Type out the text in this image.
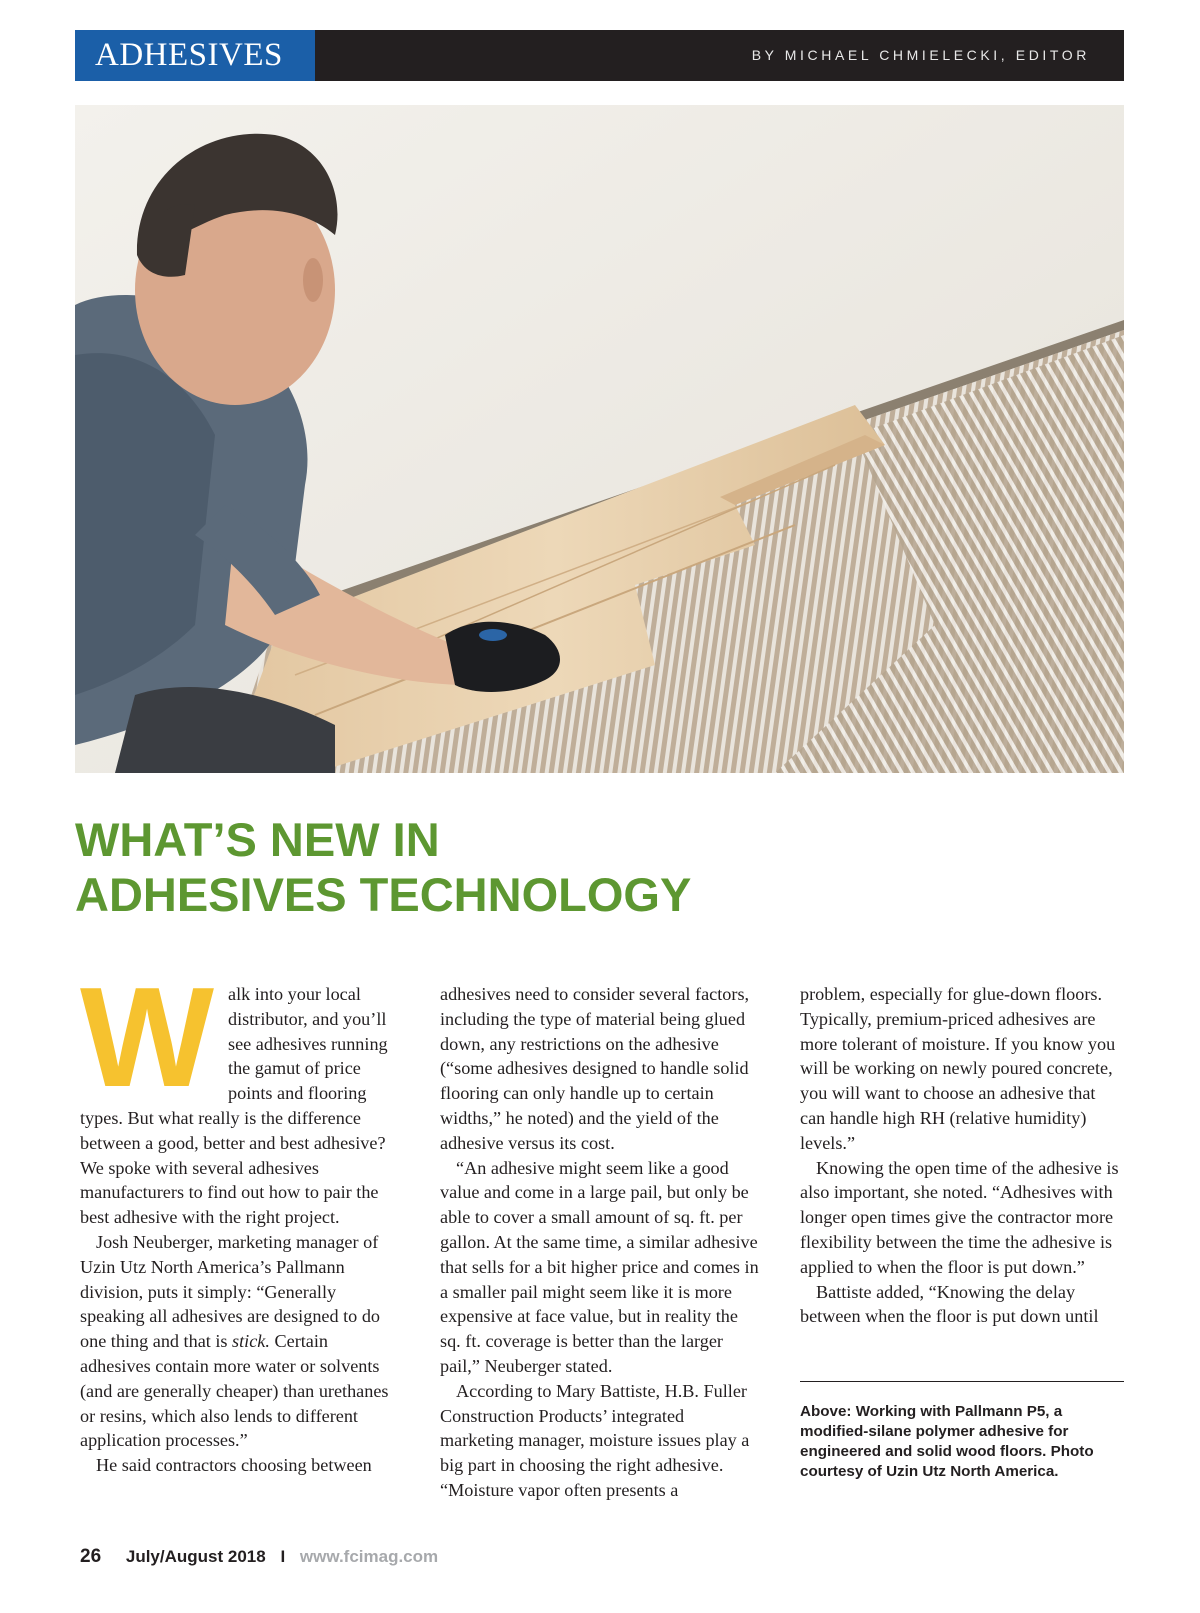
ADHESIVES	BY MICHAEL CHMIELECKI, EDITOR
WHAT’S NEW IN
ADHESIVES TECHNOLOGY

Walk into your local distributor, and you’ll see adhesives running the gamut of price points and flooring types. But what really is the difference between a good, better and best adhesive? We spoke with several adhesives manufacturers to find out how to pair the best adhesive with the right project.

Josh Neuberger, marketing manager of Uzin Utz North America’s Pallmann division, puts it simply: “Generally speaking all adhesives are designed to do one thing and that is stick. Certain adhesives contain more water or solvents (and are generally cheaper) than urethanes or resins, which also lends to different application processes.”

He said contractors choosing between

adhesives need to consider several factors, including the type of material being glued down, any restrictions on the adhesive (“some adhesives designed to handle solid flooring can only handle up to certain widths,” he noted) and the yield of the adhesive versus its cost.

“An adhesive might seem like a good value and come in a large pail, but only be able to cover a small amount of sq. ft. per gallon. At the same time, a similar adhesive that sells for a bit higher price and comes in a smaller pail might seem like it is more expensive at face value, but in reality the sq. ft. coverage is better than the larger pail,” Neuberger stated.

According to Mary Battiste, H.B. Fuller Construction Products’ integrated marketing manager, moisture issues play a big part in choosing the right adhesive. “Moisture vapor often presents a

problem, especially for glue-down floors. Typically, premium-priced adhesives are more tolerant of moisture. If you know you will be working on newly poured concrete, you will want to choose an adhesive that can handle high RH (relative humidity) levels.”

Knowing the open time of the adhesive is also important, she noted. “Adhesives with longer open times give the contractor more flexibility between the time the adhesive is applied to when the floor is put down.”

Battiste added, “Knowing the delay between when the floor is put down until

Above: Working with Pallmann P5, a modified-silane polymer adhesive for engineered and solid wood floors. Photo courtesy of Uzin Utz North America.
26 July/August 2018 I www.fcimag.com
